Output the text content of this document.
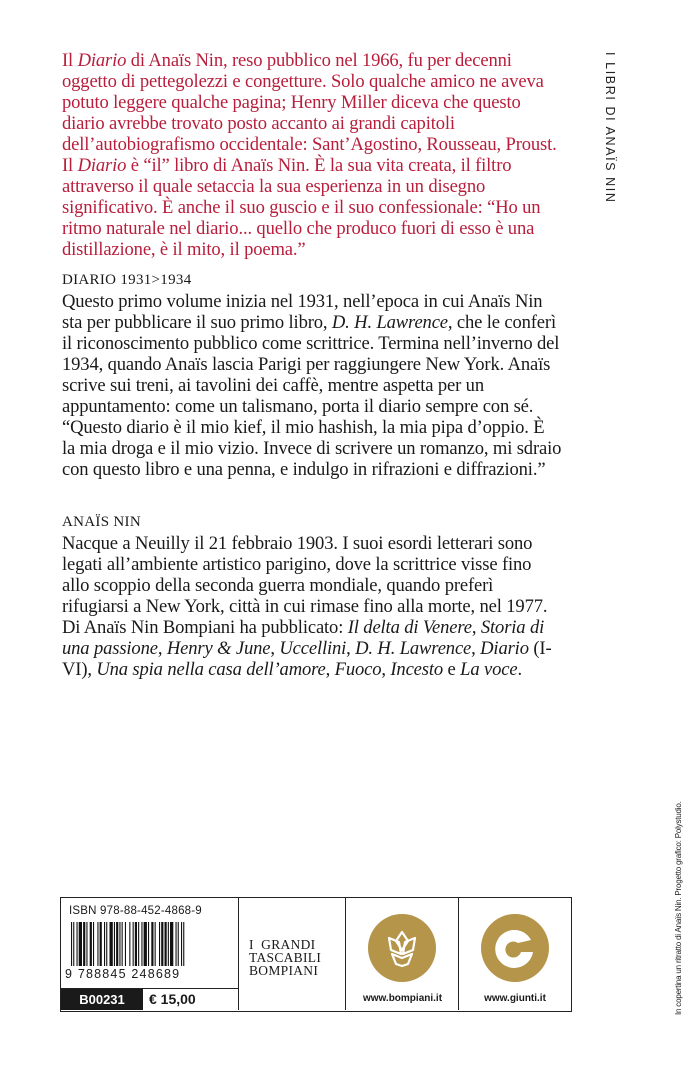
I LIBRI DI ANAÏS NIN

Il Diario di Anaïs Nin, reso pubblico nel 1966, fu per decenni oggetto di pettegolezzi e congetture. Solo qualche amico ne aveva potuto leggere qualche pagina; Henry Miller diceva che questo diario avrebbe trovato posto accanto ai grandi capitoli dell’autobiografismo occidentale: Sant’Agostino, Rousseau, Proust. Il Diario è “il” libro di Anaïs Nin. È la sua vita creata, il filtro attraverso il quale setaccia la sua esperienza in un disegno significativo. È anche il suo guscio e il suo confessionale: “Ho un ritmo naturale nel diario... quello che produco fuori di esso è una distillazione, è il mito, il poema.”

DIARIO 1931>1934

Questo primo volume inizia nel 1931, nell’epoca in cui Anaïs Nin sta per pubblicare il suo primo libro, D. H. Lawrence, che le conferì il riconoscimento pubblico come scrittrice. Termina nell’inverno del 1934, quando Anaïs lascia Parigi per raggiungere New York. Anaïs scrive sui treni, ai tavolini dei caffè, mentre aspetta per un appuntamento: come un talismano, porta il diario sempre con sé. “Questo diario è il mio kief, il mio hashish, la mia pipa d’oppio. È la mia droga e il mio vizio. Invece di scrivere un romanzo, mi sdraio con questo libro e una penna, e indulgo in rifrazioni e diffrazioni.”

ANAÏS NIN

Nacque a Neuilly il 21 febbraio 1903. I suoi esordi letterari sono legati all’ambiente artistico parigino, dove la scrittrice visse fino allo scoppio della seconda guerra mondiale, quando preferì rifugiarsi a New York, città in cui rimase fino alla morte, nel 1977. Di Anaïs Nin Bompiani ha pubblicato: Il delta di Venere, Storia di una passione, Henry & June, Uccellini, D. H. Lawrence, Diario (I-VI), Una spia nella casa dell’amore, Fuoco, Incesto e La voce.

In copertina un ritratto di Anaïs Nin. Progetto grafico: Polystudio.
ISBN 978-88-452-4868-9
9 788845 248689
B00231	€ 15,00
I  GRANDI
TASCABILI
BOMPIANI
www.bompiani.it	www.giunti.it
